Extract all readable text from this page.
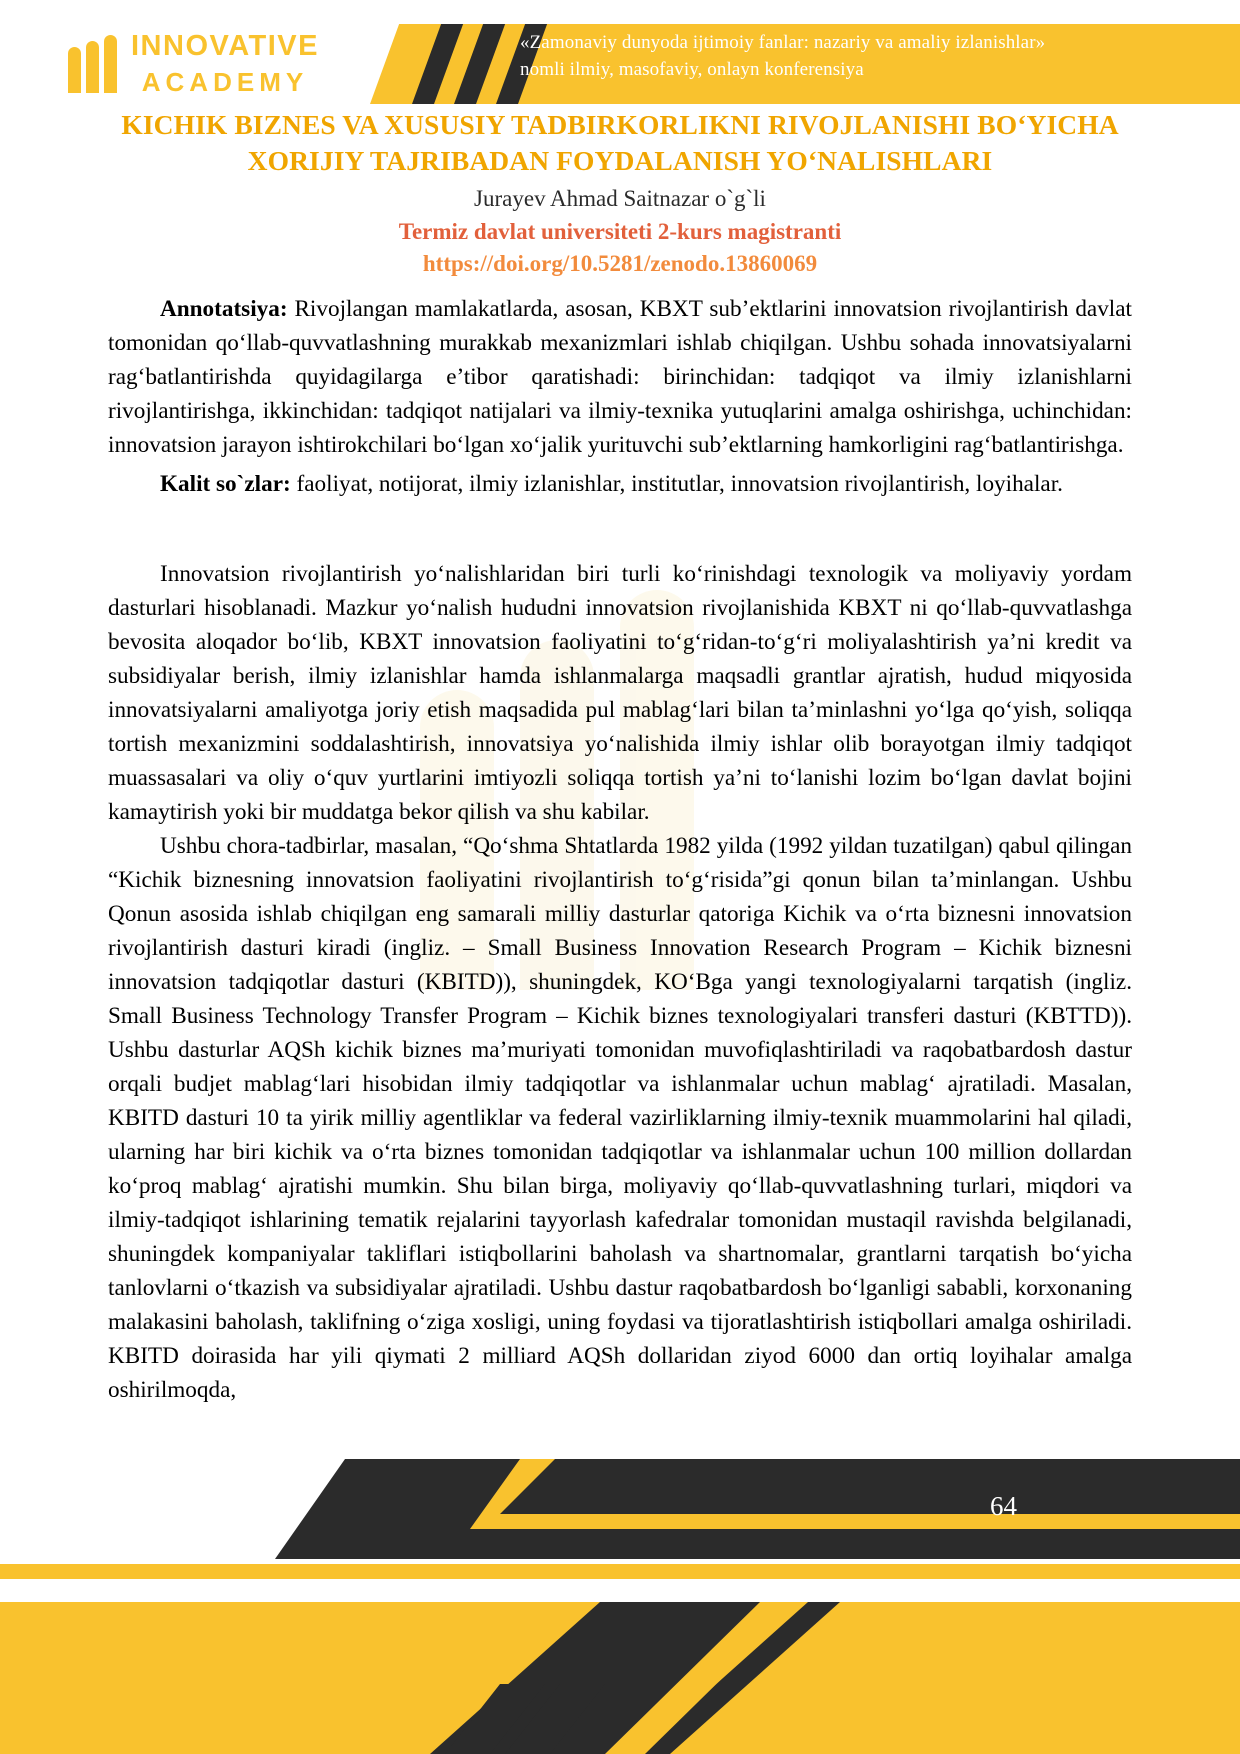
«Zamonaviy dunyoda ijtimoiy fanlar: nazariy va amaliy izlanishlar» nomli ilmiy, masofaviy, onlayn konferensiya
INNOVATIVE
ACADEMY
KICHIK BIZNES VA XUSUSIY TADBIRKORLIKNI RIVOJLANISHI BO‘YICHA
XORIJIY TAJRIBADAN FOYDALANISH YO‘NALISHLARI
Jurayev Ahmad Saitnazar o`g`li
Termiz davlat universiteti 2-kurs magistranti
https://doi.org/10.5281/zenodo.13860069

Annotatsiya: Rivojlangan mamlakatlarda, asosan, KBXT sub’ektlarini innovatsion rivojlantirish davlat tomonidan qo‘llab-quvvatlashning murakkab mexanizmlari ishlab chiqilgan. Ushbu sohada innovatsiyalarni rag‘batlantirishda quyidagilarga e’tibor qaratishadi: birinchidan: tadqiqot va ilmiy izlanishlarni rivojlantirishga, ikkinchidan: tadqiqot natijalari va ilmiy-texnika yutuqlarini amalga oshirishga, uchinchidan: innovatsion jarayon ishtirokchilari bo‘lgan xo‘jalik yurituvchi sub’ektlarning hamkorligini rag‘batlantirishga.

Kalit so`zlar: faoliyat, notijorat, ilmiy izlanishlar, institutlar, innovatsion rivojlantirish, loyihalar.

Innovatsion rivojlantirish yo‘nalishlaridan biri turli ko‘rinishdagi texnologik va moliyaviy yordam dasturlari hisoblanadi. Mazkur yo‘nalish hududni innovatsion rivojlanishida KBXT ni qo‘llab-quvvatlashga bevosita aloqador bo‘lib, KBXT innovatsion faoliyatini to‘g‘ridan-to‘g‘ri moliyalashtirish ya’ni kredit va subsidiyalar berish, ilmiy izlanishlar hamda ishlanmalarga maqsadli grantlar ajratish, hudud miqyosida innovatsiyalarni amaliyotga joriy etish maqsadida pul mablag‘lari bilan ta’minlashni yo‘lga qo‘yish, soliqqa tortish mexanizmini soddalashtirish, innovatsiya yo‘nalishida ilmiy ishlar olib borayotgan ilmiy tadqiqot muassasalari va oliy o‘quv yurtlarini imtiyozli soliqqa tortish ya’ni to‘lanishi lozim bo‘lgan davlat bojini kamaytirish yoki bir muddatga bekor qilish va shu kabilar.

Ushbu chora-tadbirlar, masalan, “Qo‘shma Shtatlarda 1982 yilda (1992 yildan tuzatilgan) qabul qilingan “Kichik biznesning innovatsion faoliyatini rivojlantirish to‘g‘risida”gi qonun bilan ta’minlangan. Ushbu Qonun asosida ishlab chiqilgan eng samarali milliy dasturlar qatoriga Kichik va o‘rta biznesni innovatsion rivojlantirish dasturi kiradi (ingliz. – Small Business Innovation Research Program – Kichik biznesni innovatsion tadqiqotlar dasturi (KBITD)), shuningdek, KO‘Bga yangi texnologiyalarni tarqatish (ingliz. Small Business Technology Transfer Program – Kichik biznes texnologiyalari transferi dasturi (KBTTD)). Ushbu dasturlar AQSh kichik biznes ma’muriyati tomonidan muvofiqlashtiriladi va raqobatbardosh dastur orqali budjet mablag‘lari hisobidan ilmiy tadqiqotlar va ishlanmalar uchun mablag‘ ajratiladi. Masalan, KBITD dasturi 10 ta yirik milliy agentliklar va federal vazirliklarning ilmiy-texnik muammolarini hal qiladi, ularning har biri kichik va o‘rta biznes tomonidan tadqiqotlar va ishlanmalar uchun 100 million dollardan ko‘proq mablag‘ ajratishi mumkin. Shu bilan birga, moliyaviy qo‘llab-quvvatlashning turlari, miqdori va ilmiy-tadqiqot ishlarining tematik rejalarini tayyorlash kafedralar tomonidan mustaqil ravishda belgilanadi, shuningdek kompaniyalar takliflari istiqbollarini baholash va shartnomalar, grantlarni tarqatish bo‘yicha tanlovlarni o‘tkazish va subsidiyalar ajratiladi. Ushbu dastur raqobatbardosh bo‘lganligi sababli, korxonaning malakasini baholash, taklifning o‘ziga xosligi, uning foydasi va tijoratlashtirish istiqbollari amalga oshiriladi. KBITD doirasida har yili qiymati 2 milliard AQSh dollaridan ziyod 6000 dan ortiq loyihalar amalga oshirilmoqda,

64
